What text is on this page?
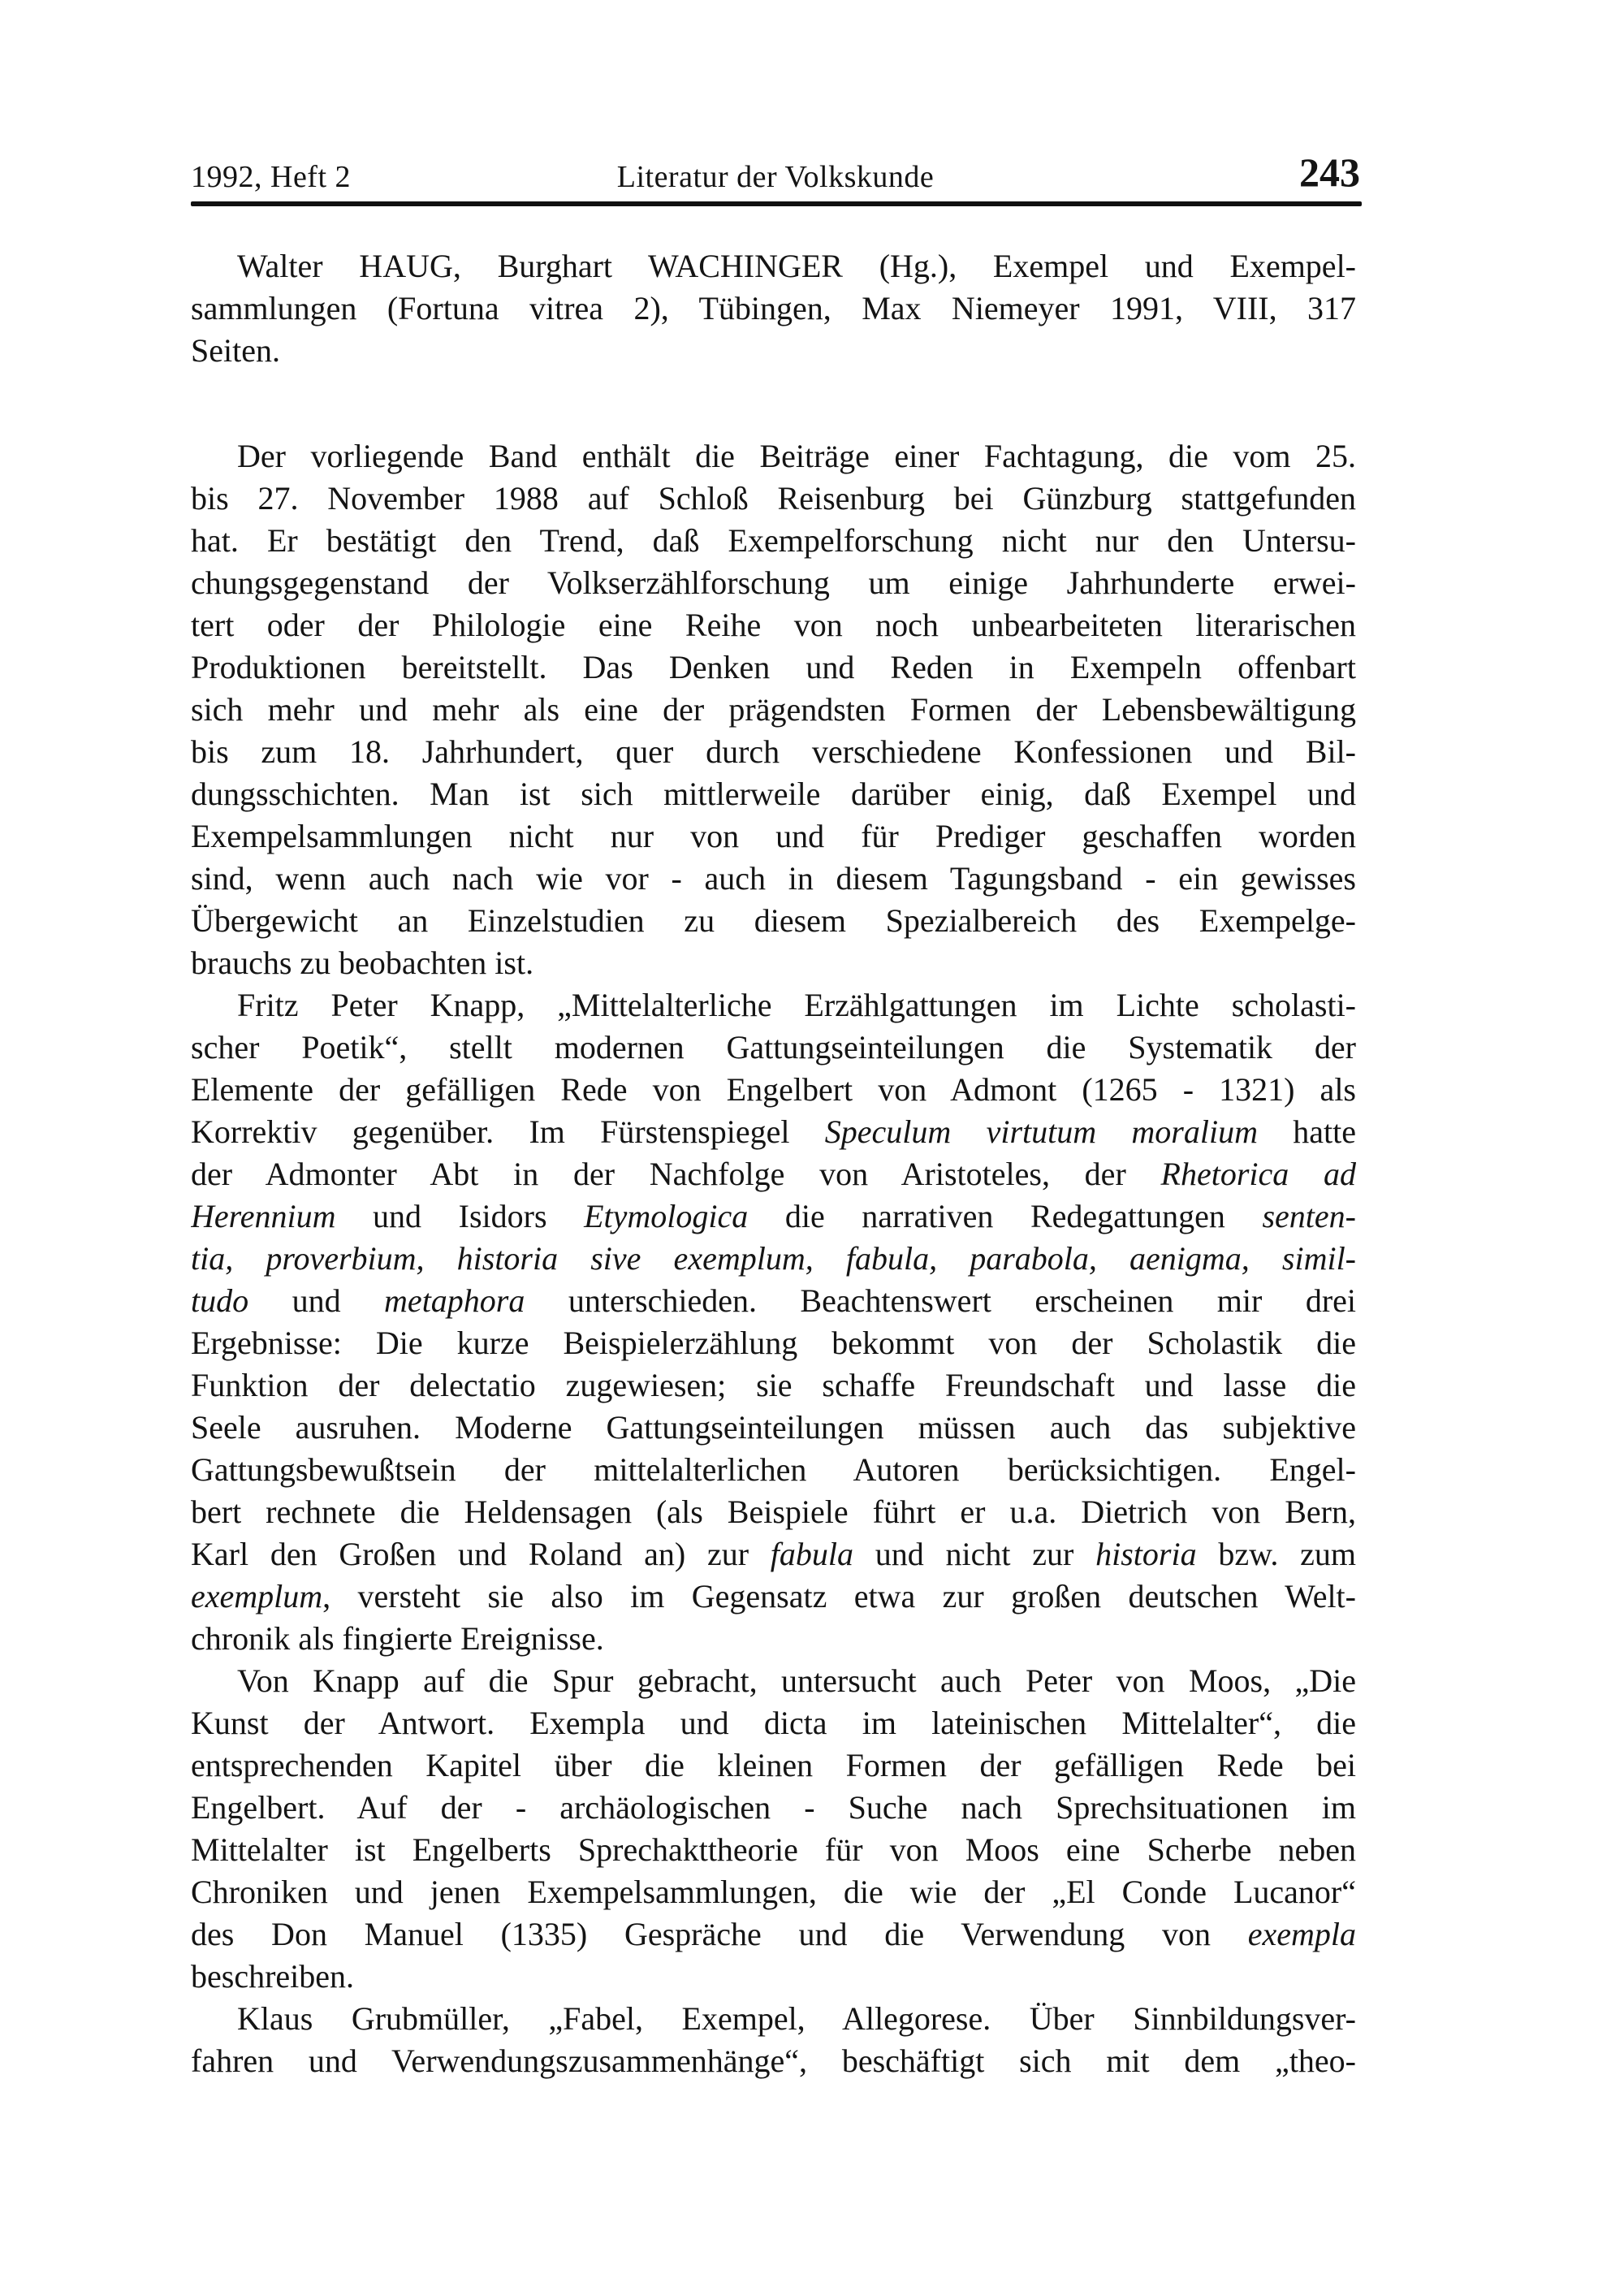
1992, Heft 2	Literatur der Volkskunde	243
Walter HAUG, Burghart WACHINGER (Hg.), Exempel und Exempel-
sammlungen (Fortuna vitrea 2), Tübingen, Max Niemeyer 1991, VIII, 317
Seiten.
Der vorliegende Band enthält die Beiträge einer Fachtagung, die vom 25.
bis 27. November 1988 auf Schloß Reisenburg bei Günzburg stattgefunden
hat. Er bestätigt den Trend, daß Exempelforschung nicht nur den Untersu-
chungsgegenstand der Volkserzählforschung um einige Jahrhunderte erwei-
tert oder der Philologie eine Reihe von noch unbearbeiteten literarischen
Produktionen bereitstellt. Das Denken und Reden in Exempeln offenbart
sich mehr und mehr als eine der prägendsten Formen der Lebensbewältigung
bis zum 18. Jahrhundert, quer durch verschiedene Konfessionen und Bil-
dungsschichten. Man ist sich mittlerweile darüber einig, daß Exempel und
Exempelsammlungen nicht nur von und für Prediger geschaffen worden
sind, wenn auch nach wie vor - auch in diesem Tagungsband - ein gewisses
Übergewicht an Einzelstudien zu diesem Spezialbereich des Exempelge-
brauchs zu beobachten ist.
Fritz Peter Knapp, „Mittelalterliche Erzählgattungen im Lichte scholasti-
scher Poetik“, stellt modernen Gattungseinteilungen die Systematik der
Elemente der gefälligen Rede von Engelbert von Admont (1265 - 1321) als
Korrektiv gegenüber. Im Fürstenspiegel Speculum virtutum moralium hatte
der Admonter Abt in der Nachfolge von Aristoteles, der Rhetorica ad
Herennium und Isidors Etymologica die narrativen Redegattungen senten-
tia, proverbium, historia sive exemplum, fabula, parabola, aenigma, simil-
tudo und metaphora unterschieden. Beachtenswert erscheinen mir drei
Ergebnisse: Die kurze Beispielerzählung bekommt von der Scholastik die
Funktion der delectatio zugewiesen; sie schaffe Freundschaft und lasse die
Seele ausruhen. Moderne Gattungseinteilungen müssen auch das subjektive
Gattungsbewußtsein der mittelalterlichen Autoren berücksichtigen. Engel-
bert rechnete die Heldensagen (als Beispiele führt er u.a. Dietrich von Bern,
Karl den Großen und Roland an) zur fabula und nicht zur historia bzw. zum
exemplum, versteht sie also im Gegensatz etwa zur großen deutschen Welt-
chronik als fingierte Ereignisse.
Von Knapp auf die Spur gebracht, untersucht auch Peter von Moos, „Die
Kunst der Antwort. Exempla und dicta im lateinischen Mittelalter“, die
entsprechenden Kapitel über die kleinen Formen der gefälligen Rede bei
Engelbert. Auf der - archäologischen - Suche nach Sprechsituationen im
Mittelalter ist Engelberts Sprechakttheorie für von Moos eine Scherbe neben
Chroniken und jenen Exempelsammlungen, die wie der „El Conde Lucanor“
des Don Manuel (1335) Gespräche und die Verwendung von exempla
beschreiben.
Klaus Grubmüller, „Fabel, Exempel, Allegorese. Über Sinnbildungsver-
fahren und Verwendungszusammenhänge“, beschäftigt sich mit dem „theo-
